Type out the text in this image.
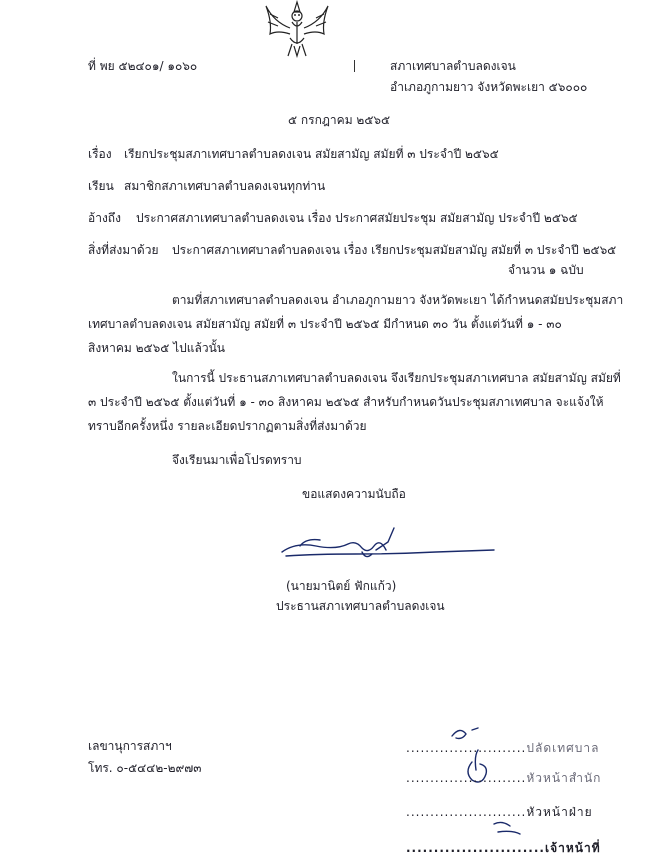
ที่ พย ๕๒๔๐๑/ ๑๐๖๐	สภาเทศบาลตำบลดงเจน
อำเภอภูกามยาว จังหวัดพะเยา ๕๖๐๐๐
๕ กรกฎาคม ๒๕๖๕
เรื่อง เรียกประชุมสภาเทศบาลตำบลดงเจน สมัยสามัญ สมัยที่ ๓ ประจำปี ๒๕๖๕
เรียน สมาชิกสภาเทศบาลตำบลดงเจนทุกท่าน
อ้างถึง ประกาศสภาเทศบาลตำบลดงเจน เรื่อง ประกาศสมัยประชุม สมัยสามัญ ประจำปี ๒๕๖๕
สิ่งที่ส่งมาด้วย ประกาศสภาเทศบาลตำบลดงเจน เรื่อง เรียกประชุมสมัยสามัญ สมัยที่ ๓ ประจำปี ๒๕๖๕
จำนวน ๑ ฉบับ
ตามที่สภาเทศบาลตำบลดงเจน อำเภอภูกามยาว จังหวัดพะเยา ได้กำหนดสมัยประชุมสภา
เทศบาลตำบลดงเจน สมัยสามัญ สมัยที่ ๓ ประจำปี ๒๕๖๕ มีกำหนด ๓๐ วัน ตั้งแต่วันที่ ๑ - ๓๐
สิงหาคม ๒๕๖๕ ไปแล้วนั้น
ในการนี้ ประธานสภาเทศบาลตำบลดงเจน จึงเรียกประชุมสภาเทศบาล สมัยสามัญ สมัยที่
๓ ประจำปี ๒๕๖๕ ตั้งแต่วันที่ ๑ - ๓๐ สิงหาคม ๒๕๖๕ สำหรับกำหนดวันประชุมสภาเทศบาล จะแจ้งให้
ทราบอีกครั้งหนึ่ง รายละเอียดปรากฏตามสิ่งที่ส่งมาด้วย
จึงเรียนมาเพื่อโปรดทราบ
ขอแสดงความนับถือ
(นายมานิตย์ ฟักแก้ว)
ประธานสภาเทศบาลตำบลดงเจน
เลขานุการสภาฯ
โทร. ๐-๕๔๔๒-๒๙๗๓
.........................ปลัดเทศบาล
.........................หัวหน้าสำนัก
.........................หัวหน้าฝ่าย
.........................เจ้าหน้าที่
